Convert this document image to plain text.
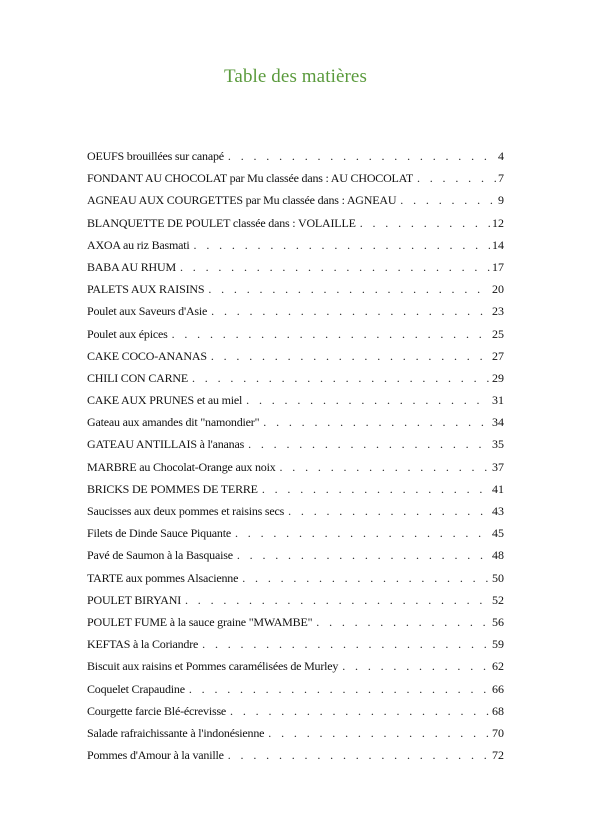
Table des matières
OEUFS brouillées sur canapé . . .	4
FONDANT AU CHOCOLAT par Mu classée dans : AU CHOCOLAT . . .	7
AGNEAU AUX COURGETTES par Mu classée dans : AGNEAU . . .	9
BLANQUETTE DE POULET classée dans : VOLAILLE . . .	12
AXOA au riz Basmati . . .	14
BABA AU RHUM . . .	17
PALETS AUX RAISINS . . .	20
Poulet aux Saveurs d'Asie . . .	23
Poulet aux épices . . .	25
CAKE COCO-ANANAS . . .	27
CHILI CON CARNE . . .	29
CAKE AUX PRUNES et au miel . . .	31
Gateau aux amandes dit "namondier" . . .	34
GATEAU ANTILLAIS à l'ananas . . .	35
MARBRE au Chocolat-Orange aux noix . . .	37
BRICKS DE POMMES DE TERRE . . .	41
Saucisses aux deux pommes et raisins secs . . .	43
Filets de Dinde Sauce Piquante . . .	45
Pavé de Saumon à la Basquaise . . .	48
TARTE aux pommes Alsacienne . . .	50
POULET BIRYANI . . .	52
POULET FUME à la sauce graine "MWAMBE" . . .	56
KEFTAS à la Coriandre . . .	59
Biscuit aux raisins et Pommes caramélisées de Murley . . .	62
Coquelet Crapaudine . . .	66
Courgette farcie Blé-écrevisse . . .	68
Salade rafraichissante à l'indonésienne . . .	70
Pommes d'Amour à la vanille . . .	72
